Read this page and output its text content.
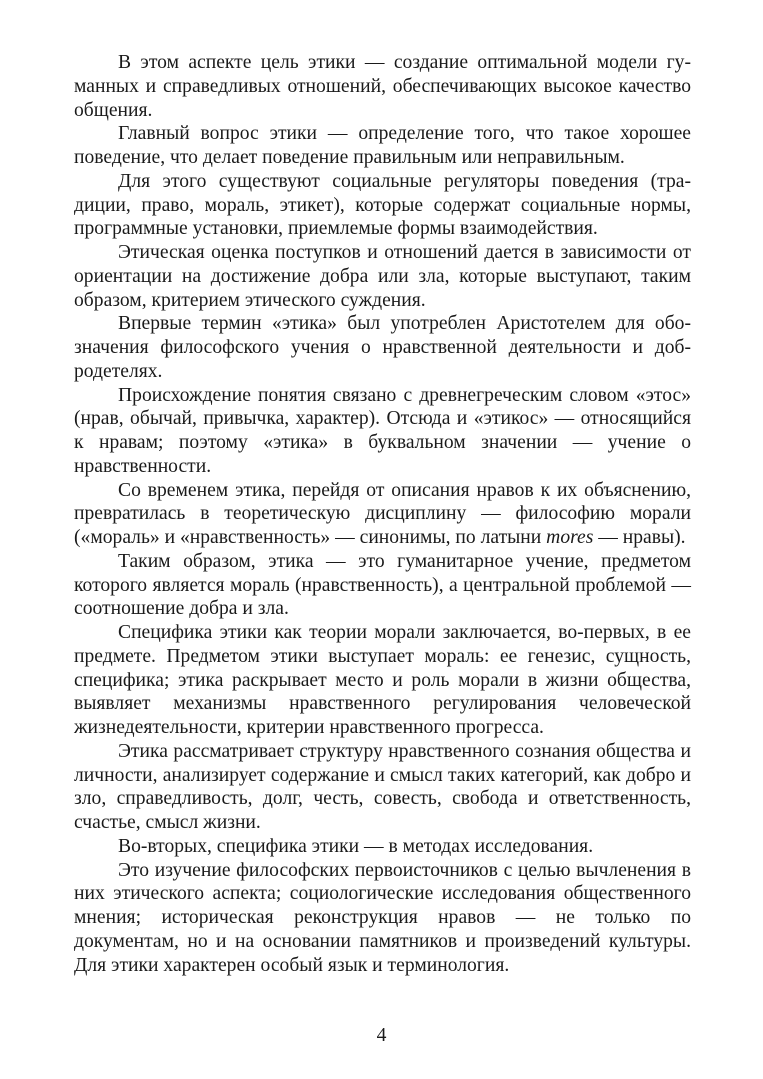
В этом аспекте цель этики — создание оптимальной модели гуманных и справедливых отношений, обеспечивающих высокое качество общения.

Главный вопрос этики — определение того, что такое хорошее поведение, что делает поведение правильным или неправильным.

Для этого существуют социальные регуляторы поведения (традиции, право, мораль, этикет), которые содержат социальные нормы, программные установки, приемлемые формы взаимодействия.

Этическая оценка поступков и отношений дается в зависимости от ориентации на достижение добра или зла, которые выступают, таким образом, критерием этического суждения.

Впервые термин «этика» был употреблен Аристотелем для обозначения философского учения о нравственной деятельности и добродетелях.

Происхождение понятия связано с древнегреческим словом «этос» (нрав, обычай, привычка, характер). Отсюда и «этикос» — относящийся к нравам; поэтому «этика» в буквальном значении — учение о нравственности.

Со временем этика, перейдя от описания нравов к их объяснению, превратилась в теоретическую дисциплину — философию морали («мораль» и «нравственность» — синонимы, по латыни mores — нравы).

Таким образом, этика — это гуманитарное учение, предметом которого является мораль (нравственность), а центральной проблемой — соотношение добра и зла.

Специфика этики как теории морали заключается, во-первых, в ее предмете. Предметом этики выступает мораль: ее генезис, сущность, специфика; этика раскрывает место и роль морали в жизни общества, выявляет механизмы нравственного регулирования человеческой жизнедеятельности, критерии нравственного прогресса.

Этика рассматривает структуру нравственного сознания общества и личности, анализирует содержание и смысл таких категорий, как добро и зло, справедливость, долг, честь, совесть, свобода и ответственность, счастье, смысл жизни.

Во-вторых, специфика этики — в методах исследования.

Это изучение философских первоисточников с целью вычленения в них этического аспекта; социологические исследования общественного мнения; историческая реконструкция нравов — не только по документам, но и на основании памятников и произведений культуры. Для этики характерен особый язык и терминология.

4
